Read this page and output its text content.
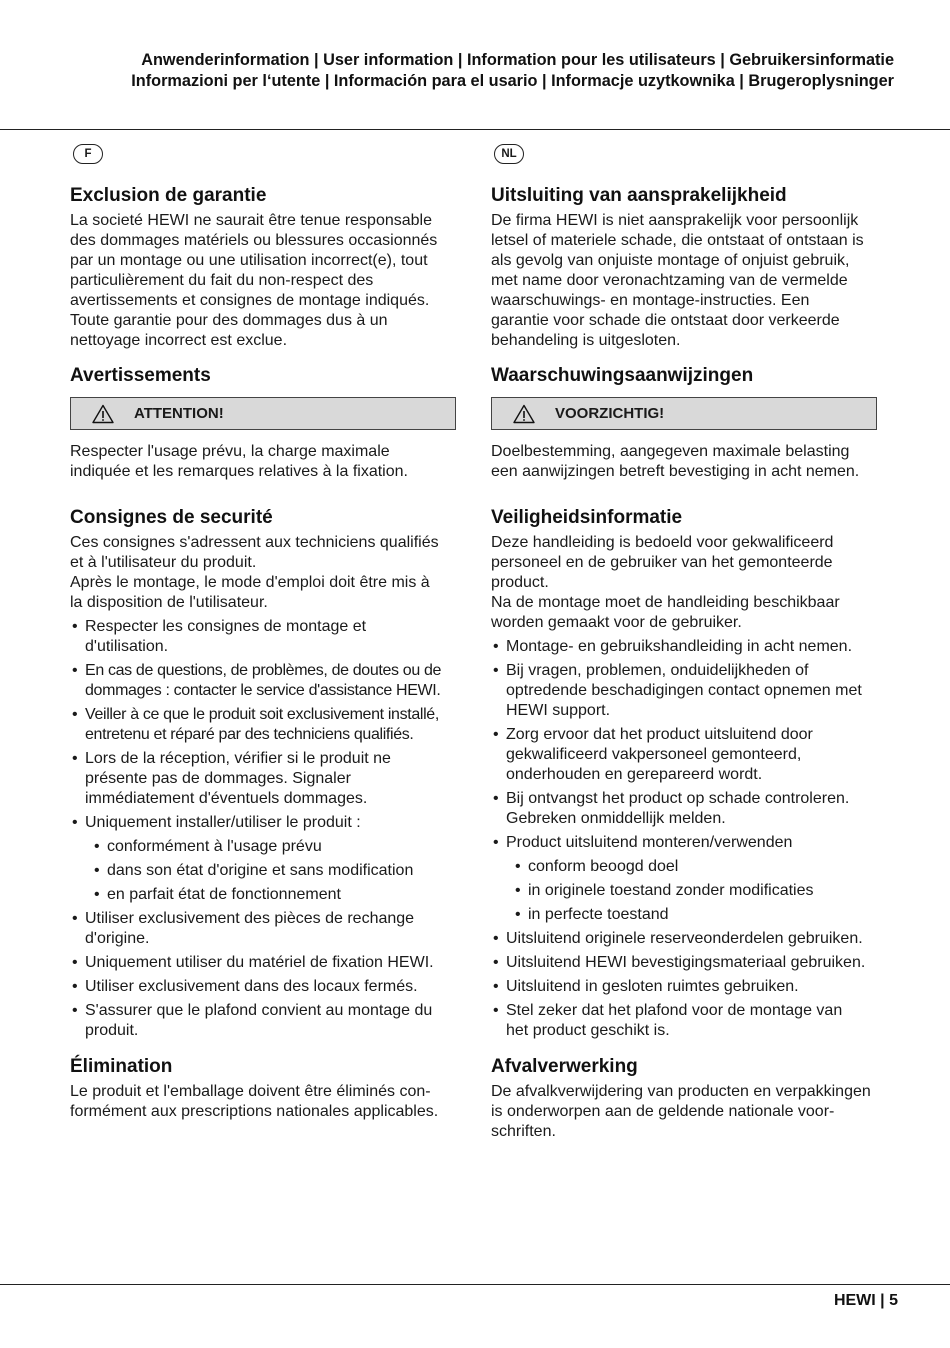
Anwenderinformation | User information | Information pour les utilisateurs | Gebruikersinformatie
Informazioni per l‘utente | Información para el usario | Informacje uzytkownika | Brugeroplysninger
F
Exclusion de garantie

La societé HEWI ne saurait être tenue responsable

des dommages matériels ou blessures occasionnés

par un montage ou une utilisation incorrect(e), tout

particulièrement du fait du non-respect des

avertissements et consignes de montage indiqués.

Toute garantie pour des dommages dus à un

nettoyage incorrect est exclue.

Avertissements
ATTENTION!

Respecter l'usage prévu, la charge maximale

indiquée et les remarques relatives à la fixation.

Consignes de securité

Ces consignes s'adressent aux techniciens qualifiés

et à l'utilisateur du produit.

Après le montage, le mode d'emploi doit être mis à

la disposition de l'utilisateur.

• Respecter les consignes de montage et
d'utilisation.
• En cas de questions, de problèmes, de doutes ou de
dommages : contacter le service d'assistance HEWI.
• Veiller à ce que le produit soit exclusivement installé,
entretenu et réparé par des techniciens qualifiés.
• Lors de la réception, vérifier si le produit ne
présente pas de dommages. Signaler
immédiatement d'éventuels dommages.
• Uniquement installer/utiliser le produit :
• conformément à l'usage prévu
• dans son état d'origine et sans modification
• en parfait état de fonctionnement
• Utiliser exclusivement des pièces de rechange
d'origine.
• Uniquement utiliser du matériel de fixation HEWI.
• Utiliser exclusivement dans des locaux fermés.
• S'assurer que le plafond convient au montage du
produit.
Élimination

Le produit et l'emballage doivent être éliminés con-

formément aux prescriptions nationales applicables.

NL
Uitsluiting van aansprakelijkheid

De firma HEWI is niet aansprakelijk voor persoonlijk

letsel of materiele schade, die ontstaat of ontstaan is

als gevolg van onjuiste montage of onjuist gebruik,

met name door veronachtzaming van de vermelde

waarschuwings- en montage-instructies. Een

garantie voor schade die ontstaat door verkeerde

behandeling is uitgesloten.

Waarschuwingsaanwijzingen
VOORZICHTIG!

Doelbestemming, aangegeven maximale belasting

een aanwijzingen betreft bevestiging in acht nemen.

Veiligheidsinformatie

Deze handleiding is bedoeld voor gekwalificeerd

personeel en de gebruiker van het gemonteerde

product.

Na de montage moet de handleiding beschikbaar

worden gemaakt voor de gebruiker.

• Montage- en gebruikshandleiding in acht nemen.
• Bij vragen, problemen, onduidelijkheden of
optredende beschadigingen contact opnemen met
HEWI support.
• Zorg ervoor dat het product uitsluitend door
gekwalificeerd vakpersoneel gemonteerd,
onderhouden en gerepareerd wordt.
• Bij ontvangst het product op schade controleren.
Gebreken onmiddellijk melden.
• Product uitsluitend monteren/verwenden
• conform beoogd doel
• in originele toestand zonder modificaties
• in perfecte toestand
• Uitsluitend originele reserveonderdelen gebruiken.
• Uitsluitend HEWI bevestigingsmateriaal gebruiken.
• Uitsluitend in gesloten ruimtes gebruiken.
• Stel zeker dat het plafond voor de montage van
het product geschikt is.
Afvalverwerking

De afvalkverwijdering van producten en verpakkingen

is onderworpen aan de geldende nationale voor-

schriften.

HEWI | 5
